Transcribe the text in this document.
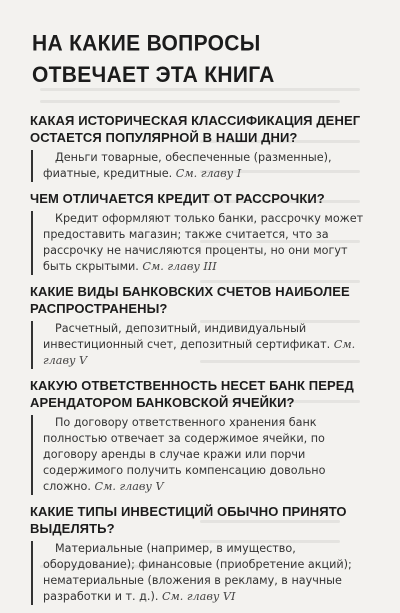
НА КАКИЕ ВОПРОСЫ
ОТВЕЧАЕТ ЭТА КНИГА
КАКАЯ ИСТОРИЧЕСКАЯ КЛАССИФИКАЦИЯ ДЕНЕГ ОСТАЕТСЯ ПОПУЛЯРНОЙ В НАШИ ДНИ?
Деньги товарные, обеспеченные (разменные), фиатные, кредитные. См. главу I
ЧЕМ ОТЛИЧАЕТСЯ КРЕДИТ ОТ РАССРОЧКИ?
Кредит оформляют только банки, рассрочку может предоставить магазин; также считается, что за рассрочку не начисляются проценты, но они могут быть скрытыми. См. главу III
КАКИЕ ВИДЫ БАНКОВСКИХ СЧЕТОВ НАИБОЛЕЕ РАСПРОСТРАНЕНЫ?
Расчетный, депозитный, индивидуальный инвестиционный счет, депозитный сертификат. См. главу V
КАКУЮ ОТВЕТСТВЕННОСТЬ НЕСЕТ БАНК ПЕРЕД АРЕНДАТОРОМ БАНКОВСКОЙ ЯЧЕЙКИ?
По договору ответственного хранения банк полностью отвечает за содержимое ячейки, по договору аренды в случае кражи или порчи содержимого получить компенсацию довольно сложно. См. главу V
КАКИЕ ТИПЫ ИНВЕСТИЦИЙ ОБЫЧНО ПРИНЯТО ВЫДЕЛЯТЬ?
Материальные (например, в имущество, оборудование); финансовые (приобретение акций); нематериальные (вложения в рекламу, в научные разработки и т. д.). См. главу VI
